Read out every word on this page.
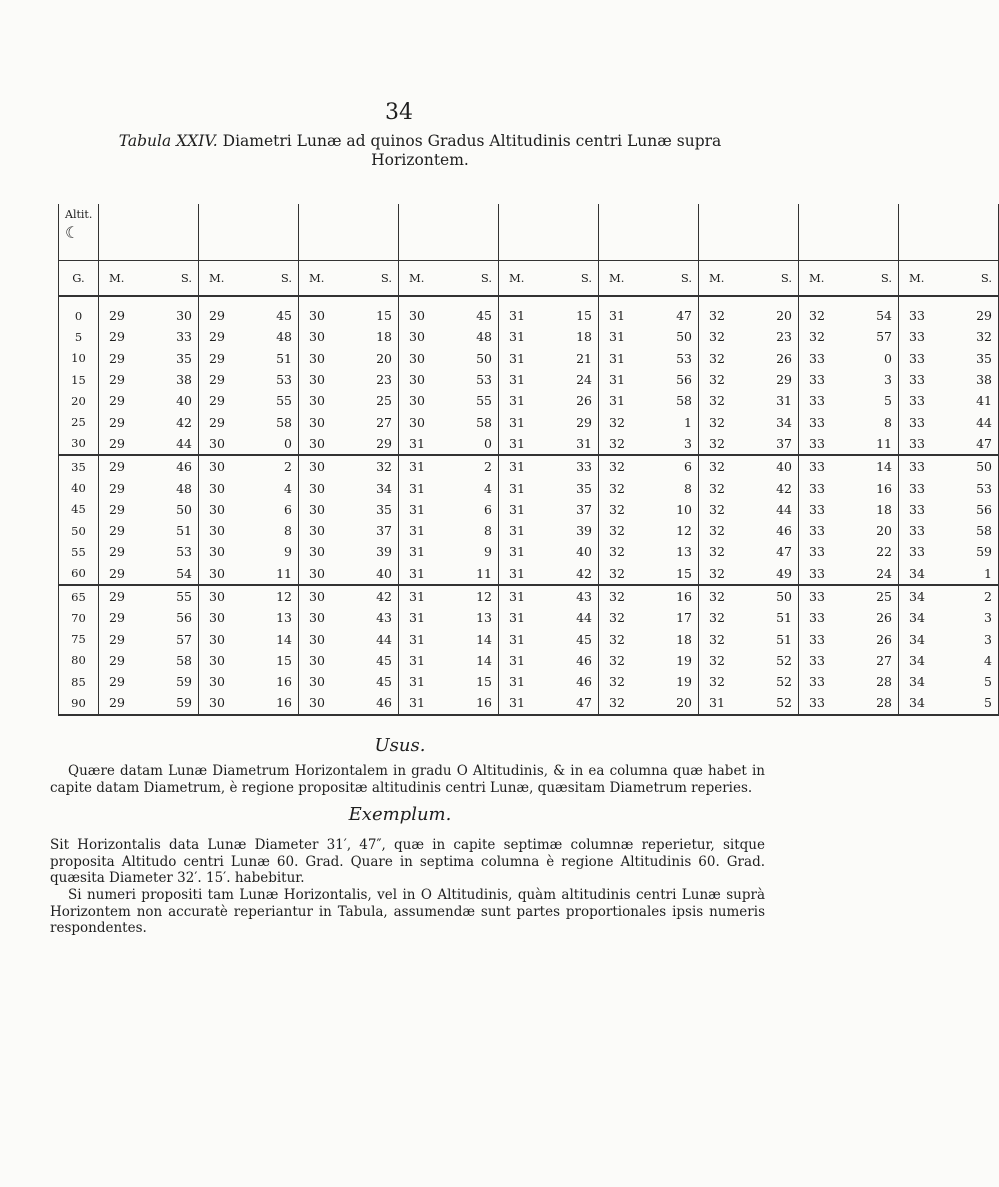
34
Tabula XXIV. Diametri Lunæ ad quinos Gradus Altitudinis centri Lunæ supra Horizontem.
Altit.
☾																		

G.	M.	S.	M.	S.	M.	S.	M.	S.	M.	S.	M.	S.	M.	S.	M.	S.	M.	S.
0	29	30	29	45	30	15	30	45	31	15	31	47	32	20	32	54	33	29
5	29	33	29	48	30	18	30	48	31	18	31	50	32	23	32	57	33	32
10	29	35	29	51	30	20	30	50	31	21	31	53	32	26	33	0	33	35
15	29	38	29	53	30	23	30	53	31	24	31	56	32	29	33	3	33	38
20	29	40	29	55	30	25	30	55	31	26	31	58	32	31	33	5	33	41
25	29	42	29	58	30	27	30	58	31	29	32	1	32	34	33	8	33	44
30	29	44	30	0	30	29	31	0	31	31	32	3	32	37	33	11	33	47
35	29	46	30	2	30	32	31	2	31	33	32	6	32	40	33	14	33	50
40	29	48	30	4	30	34	31	4	31	35	32	8	32	42	33	16	33	53
45	29	50	30	6	30	35	31	6	31	37	32	10	32	44	33	18	33	56
50	29	51	30	8	30	37	31	8	31	39	32	12	32	46	33	20	33	58
55	29	53	30	9	30	39	31	9	31	40	32	13	32	47	33	22	33	59
60	29	54	30	11	30	40	31	11	31	42	32	15	32	49	33	24	34	1
65	29	55	30	12	30	42	31	12	31	43	32	16	32	50	33	25	34	2
70	29	56	30	13	30	43	31	13	31	44	32	17	32	51	33	26	34	3
75	29	57	30	14	30	44	31	14	31	45	32	18	32	51	33	26	34	3
80	29	58	30	15	30	45	31	14	31	46	32	19	32	52	33	27	34	4
85	29	59	30	16	30	45	31	15	31	46	32	19	32	52	33	28	34	5
90	29	59	30	16	30	46	31	16	31	47	32	20	31	52	33	28	34	5
Usus.
Quære datam Lunæ Diametrum Horizontalem in gradu O Altitudinis, & in ea columna quæ habet in capite datam Diametrum, è regione propositæ altitudinis centri Lunæ, quæsitam Diametrum reperies.
Exemplum.
Sit Horizontalis data Lunæ Diameter 31′, 47″, quæ in capite septimæ columnæ reperietur, sitque proposita Altitudo centri Lunæ 60. Grad. Quare in septima columna è regione Altitudinis 60. Grad. quæsita Diameter 32′. 15′. habebitur.
Si numeri propositi tam Lunæ Horizontalis, vel in O Altitudinis, quàm altitudinis centri Lunæ suprà Horizontem non accuratè reperiantur in Tabula, assumendæ sunt partes proportionales ipsis numeris respondentes.
